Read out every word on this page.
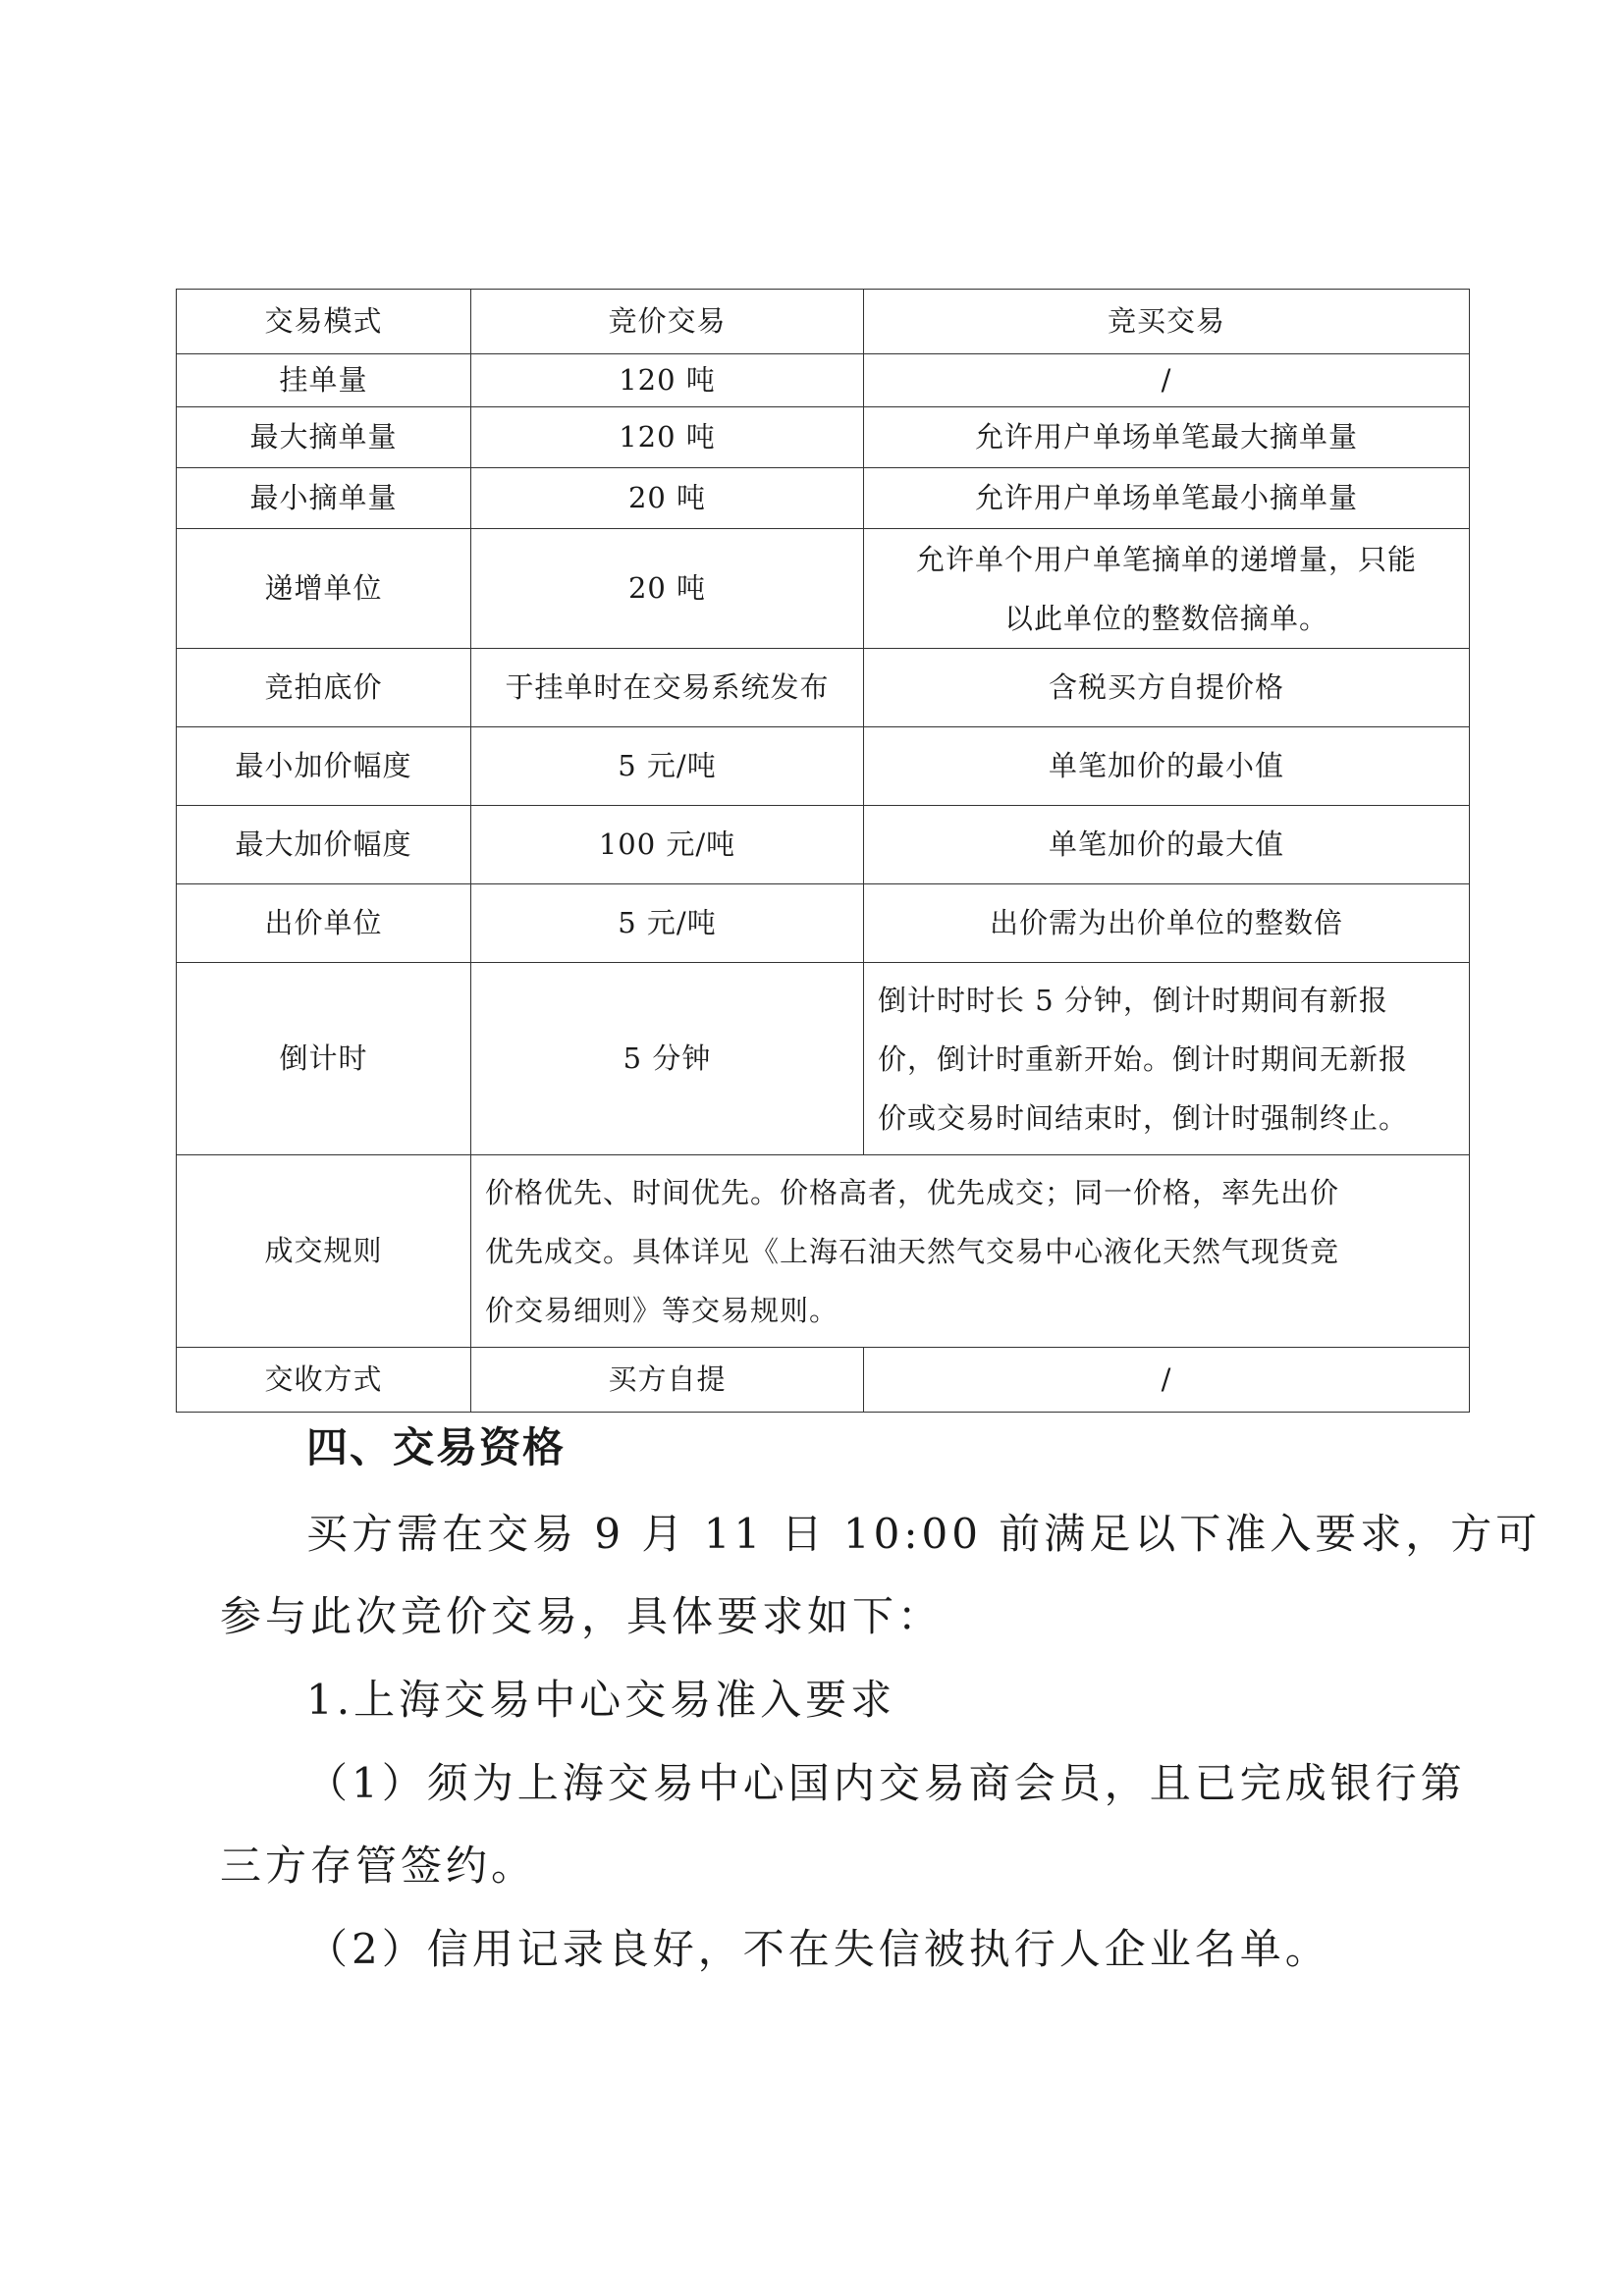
交易模式	竞价交易	竞买交易
挂单量	120 吨	/
最大摘单量	120 吨	允许用户单场单笔最大摘单量
最小摘单量	20 吨	允许用户单场单笔最小摘单量
递增单位	20 吨	允许单个用户单笔摘单的递增量，只能
以此单位的整数倍摘单。
竞拍底价	于挂单时在交易系统发布	含税买方自提价格
最小加价幅度	5 元/吨	单笔加价的最小值
最大加价幅度	100 元/吨	单笔加价的最大值
出价单位	5 元/吨	出价需为出价单位的整数倍
倒计时	5 分钟	倒计时时长 5 分钟，倒计时期间有新报
价，倒计时重新开始。倒计时期间无新报
价或交易时间结束时，倒计时强制终止。
成交规则	价格优先、时间优先。价格高者，优先成交；同一价格，率先出价
优先成交。具体详见《上海石油天然气交易中心液化天然气现货竞
价交易细则》等交易规则。	
交收方式	买方自提	/
四、交易资格
买方需在交易 9 月 11 日 10:00 前满足以下准入要求，方可
参与此次竞价交易，具体要求如下：
1.上海交易中心交易准入要求
（1）须为上海交易中心国内交易商会员，且已完成银行第
三方存管签约。
（2）信用记录良好，不在失信被执行人企业名单。
